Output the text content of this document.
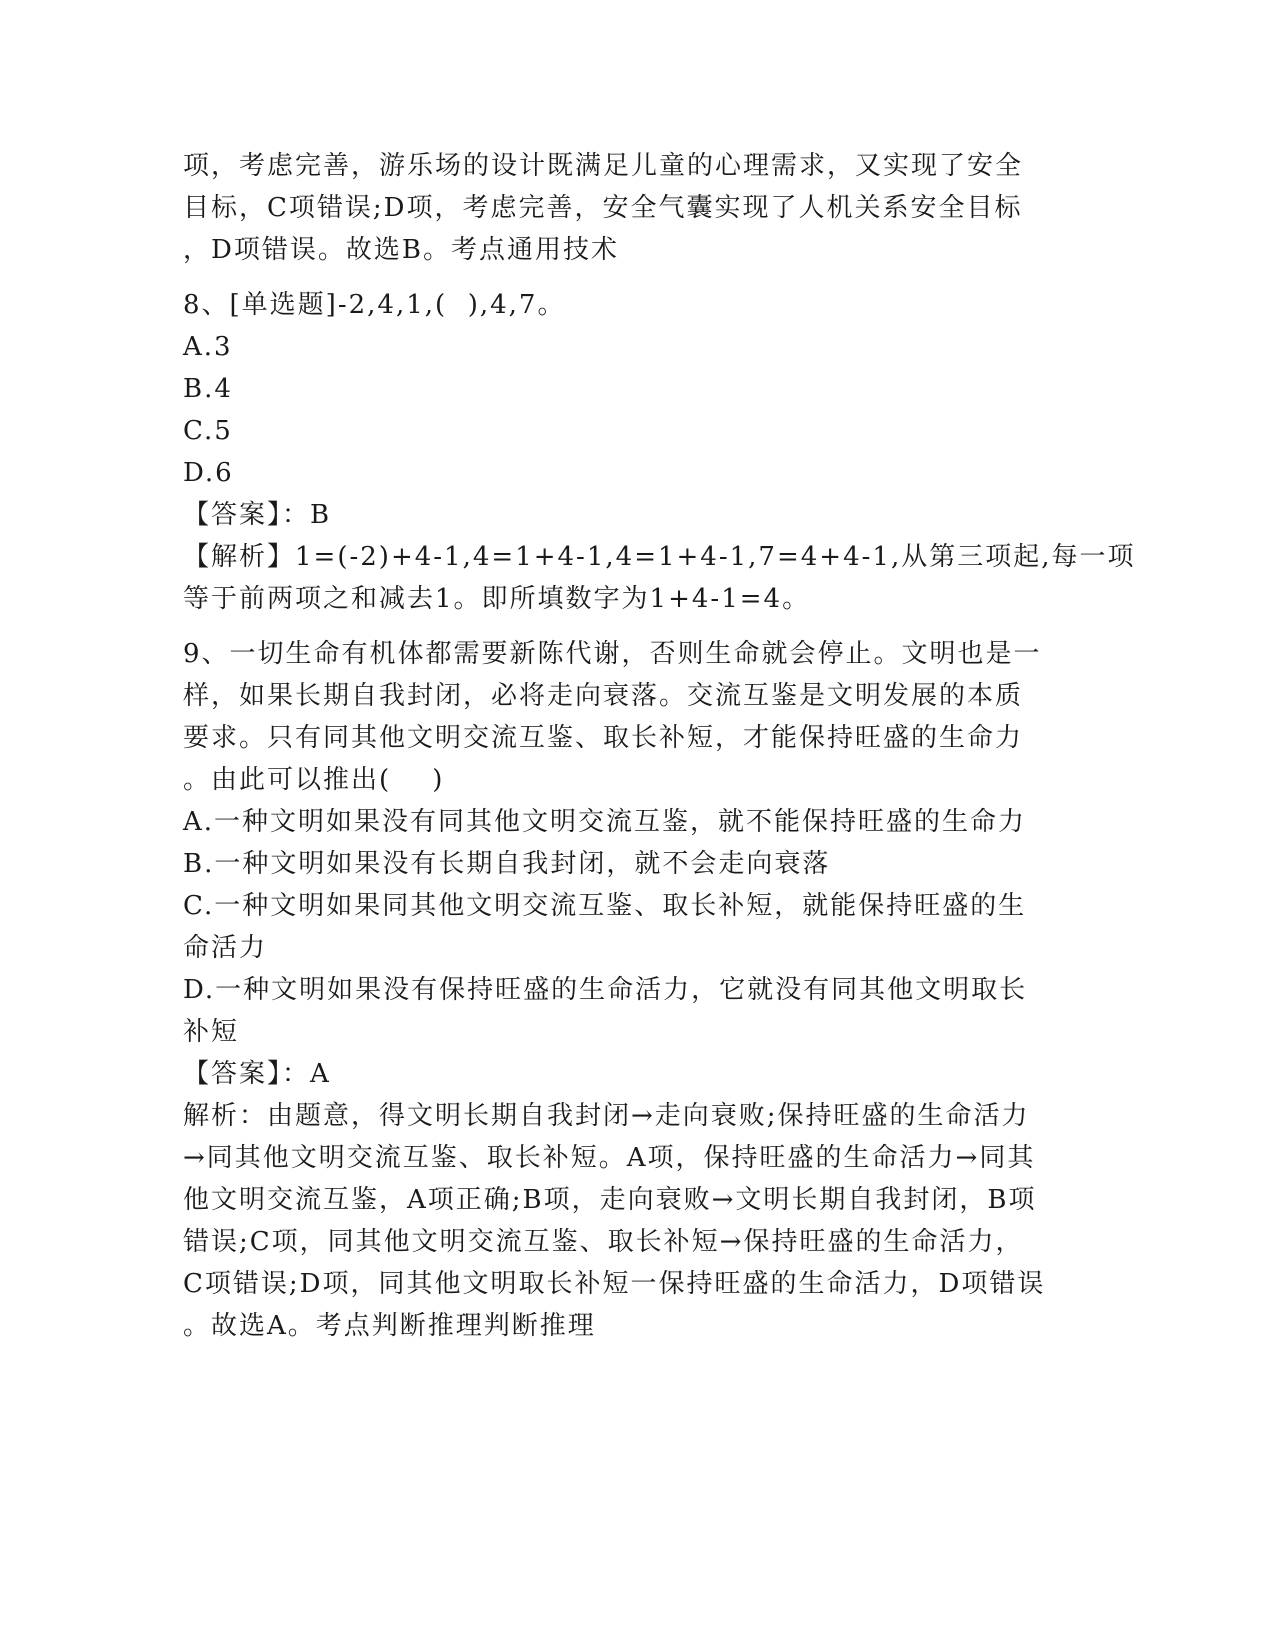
项，考虑完善，游乐场的设计既满足儿童的心理需求，又实现了安全
目标，C项错误;D项，考虑完善，安全气囊实现了人机关系安全目标
，D项错误。故选B。考点通用技术
8、[单选题]-2,4,1,(  ),4,7。
A.3
B.4
C.5
D.6
【答案】：B
【解析】1=(-2)+4-1,4=1+4-1,4=1+4-1,7=4+4-1,从第三项起,每一项
等于前两项之和减去1。即所填数字为1+4-1=4。
9、一切生命有机体都需要新陈代谢，否则生命就会停止。文明也是一
样，如果长期自我封闭，必将走向衰落。交流互鉴是文明发展的本质
要求。只有同其他文明交流互鉴、取长补短，才能保持旺盛的生命力
。由此可以推出(    )
A.一种文明如果没有同其他文明交流互鉴，就不能保持旺盛的生命力
B.一种文明如果没有长期自我封闭，就不会走向衰落
C.一种文明如果同其他文明交流互鉴、取长补短，就能保持旺盛的生
命活力
D.一种文明如果没有保持旺盛的生命活力，它就没有同其他文明取长
补短
【答案】：A
解析：由题意，得文明长期自我封闭→走向衰败;保持旺盛的生命活力
→同其他文明交流互鉴、取长补短。A项，保持旺盛的生命活力→同其
他文明交流互鉴，A项正确;B项，走向衰败→文明长期自我封闭，B项
错误;C项，同其他文明交流互鉴、取长补短→保持旺盛的生命活力，
C项错误;D项，同其他文明取长补短一保持旺盛的生命活力，D项错误
。故选A。考点判断推理判断推理
